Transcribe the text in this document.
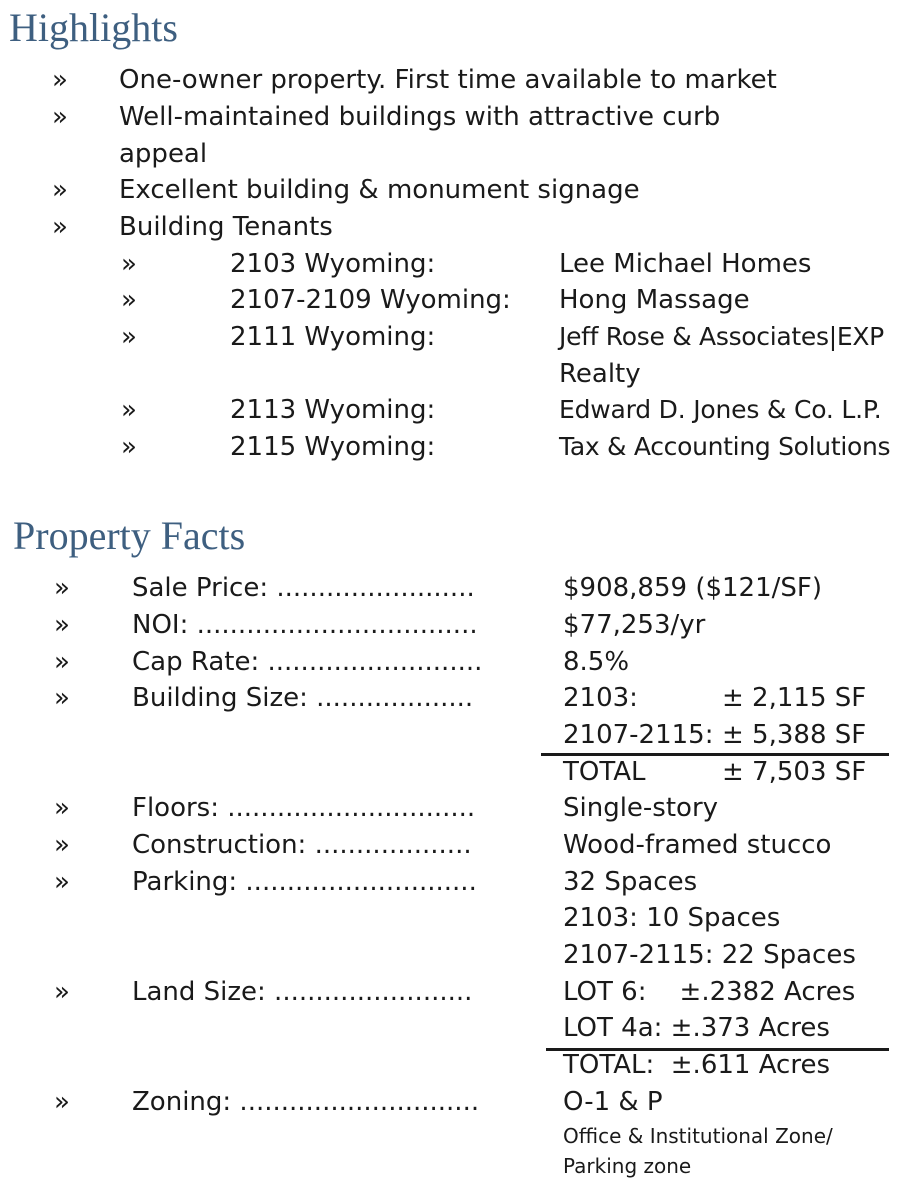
Highlights
» One-owner property. First time available to market
» Well-maintained buildings with attractive curb
appeal
» Excellent building & monument signage
» Building Tenants
»	2103 Wyoming:	Lee Michael Homes
»	2107-2109 Wyoming: Hong Massage
»	2111 Wyoming:	Jeff Rose & Associates|EXP
Realty
»	2113 Wyoming:	Edward D. Jones & Co. L.P.
»	2115 Wyoming:	Tax & Accounting Solutions
Property Facts
»	Sale Price: ........................	$908,859 ($121/SF)
»	NOI: ..................................	$77,253/yr
»	Cap Rate: ..........................	8.5%
»	Building Size: ...................	2103:	± 2,115 SF
2107-2115: ± 5,388 SF
TOTAL	± 7,503 SF
»	Floors: ..............................	Single-story
»	Construction: ...................	Wood-framed stucco
»	Parking: ............................	32 Spaces
2103: 10 Spaces
2107-2115: 22 Spaces
»	Land Size: ........................	LOT 6:    ±.2382 Acres
LOT 4a: ±.373 Acres
TOTAL:  ±.611 Acres
»	Zoning: .............................	O-1 & P
Office & Institutional Zone/
Parking zone
